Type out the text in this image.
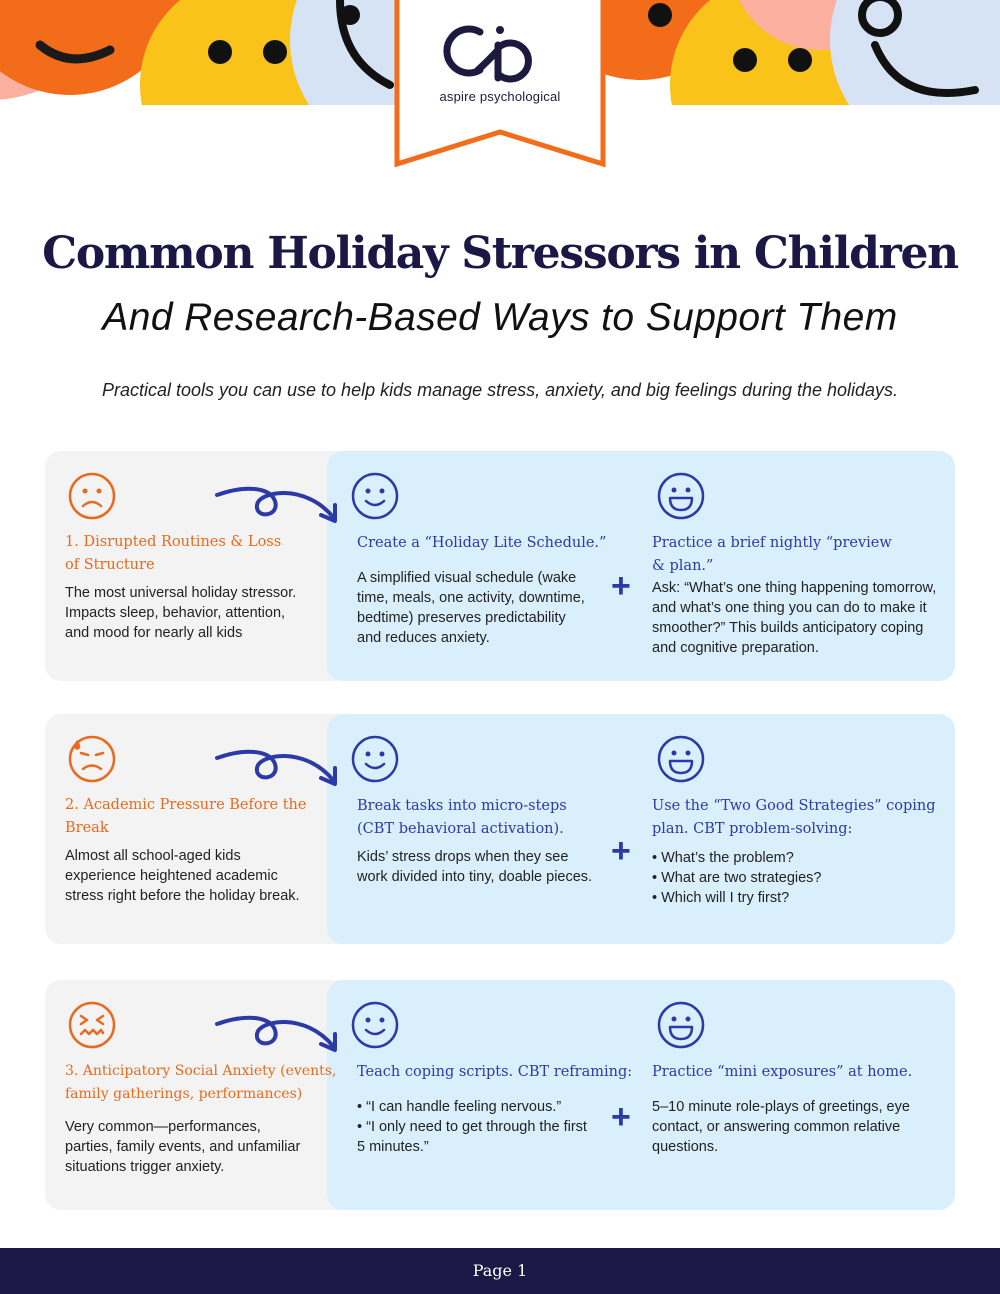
aspire psychological
Common Holiday Stressors in Children
And Research-Based Ways to Support Them
Practical tools you can use to help kids manage stress, anxiety, and big feelings during the holidays.
1. Disrupted Routines & Loss
of Structure
The most universal holiday stressor.
Impacts sleep, behavior, attention,
and mood for nearly all kids
Create a “Holiday Lite Schedule.”
A simplified visual schedule (wake
time, meals, one activity, downtime,
bedtime) preserves predictability
and reduces anxiety.
+
Practice a brief nightly “preview
& plan.”
Ask: “What’s one thing happening tomorrow,
and what’s one thing you can do to make it
smoother?” This builds anticipatory coping
and cognitive preparation.
2. Academic Pressure Before the
Break
Almost all school-aged kids
experience heightened academic
stress right before the holiday break.
Break tasks into micro-steps
(CBT behavioral activation).
Kids’ stress drops when they see
work divided into tiny, doable pieces.
+
Use the “Two Good Strategies” coping
plan. CBT problem-solving:
• What’s the problem?
• What are two strategies?
• Which will I try first?
3. Anticipatory Social Anxiety (events,
family gatherings, performances)
Very common—performances,
parties, family events, and unfamiliar
situations trigger anxiety.
Teach coping scripts. CBT reframing:
• “I can handle feeling nervous.”
• “I only need to get through the first
5 minutes.”
+
Practice “mini exposures” at home.
5–10 minute role-plays of greetings, eye
contact, or answering common relative
questions.
Page 1
